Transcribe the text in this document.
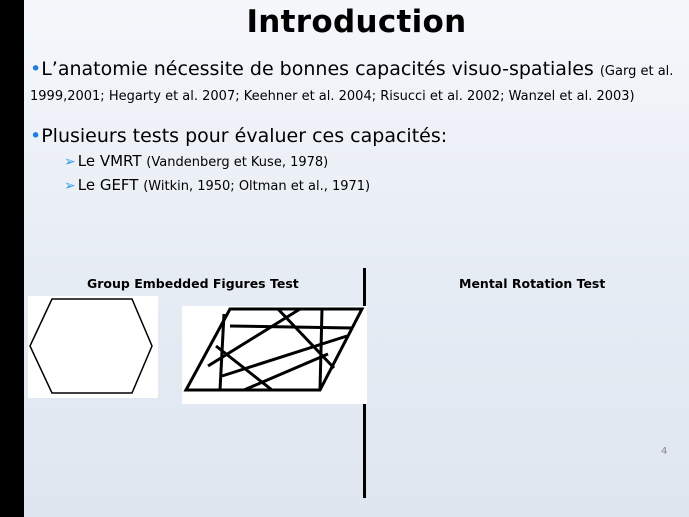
Introduction
•L’anatomie nécessite de bonnes capacités visuo-spatiales (Garg et al. 1999,2001; Hegarty et al. 2007; Keehner et al. 2004; Risucci et al. 2002; Wanzel et al. 2003)
•Plusieurs tests pour évaluer ces capacités:
➢ Le VMRT (Vandenberg et Kuse, 1978)
➢ Le GEFT (Witkin, 1950; Oltman et al., 1971)
Group Embedded Figures Test	Mental Rotation Test
4
